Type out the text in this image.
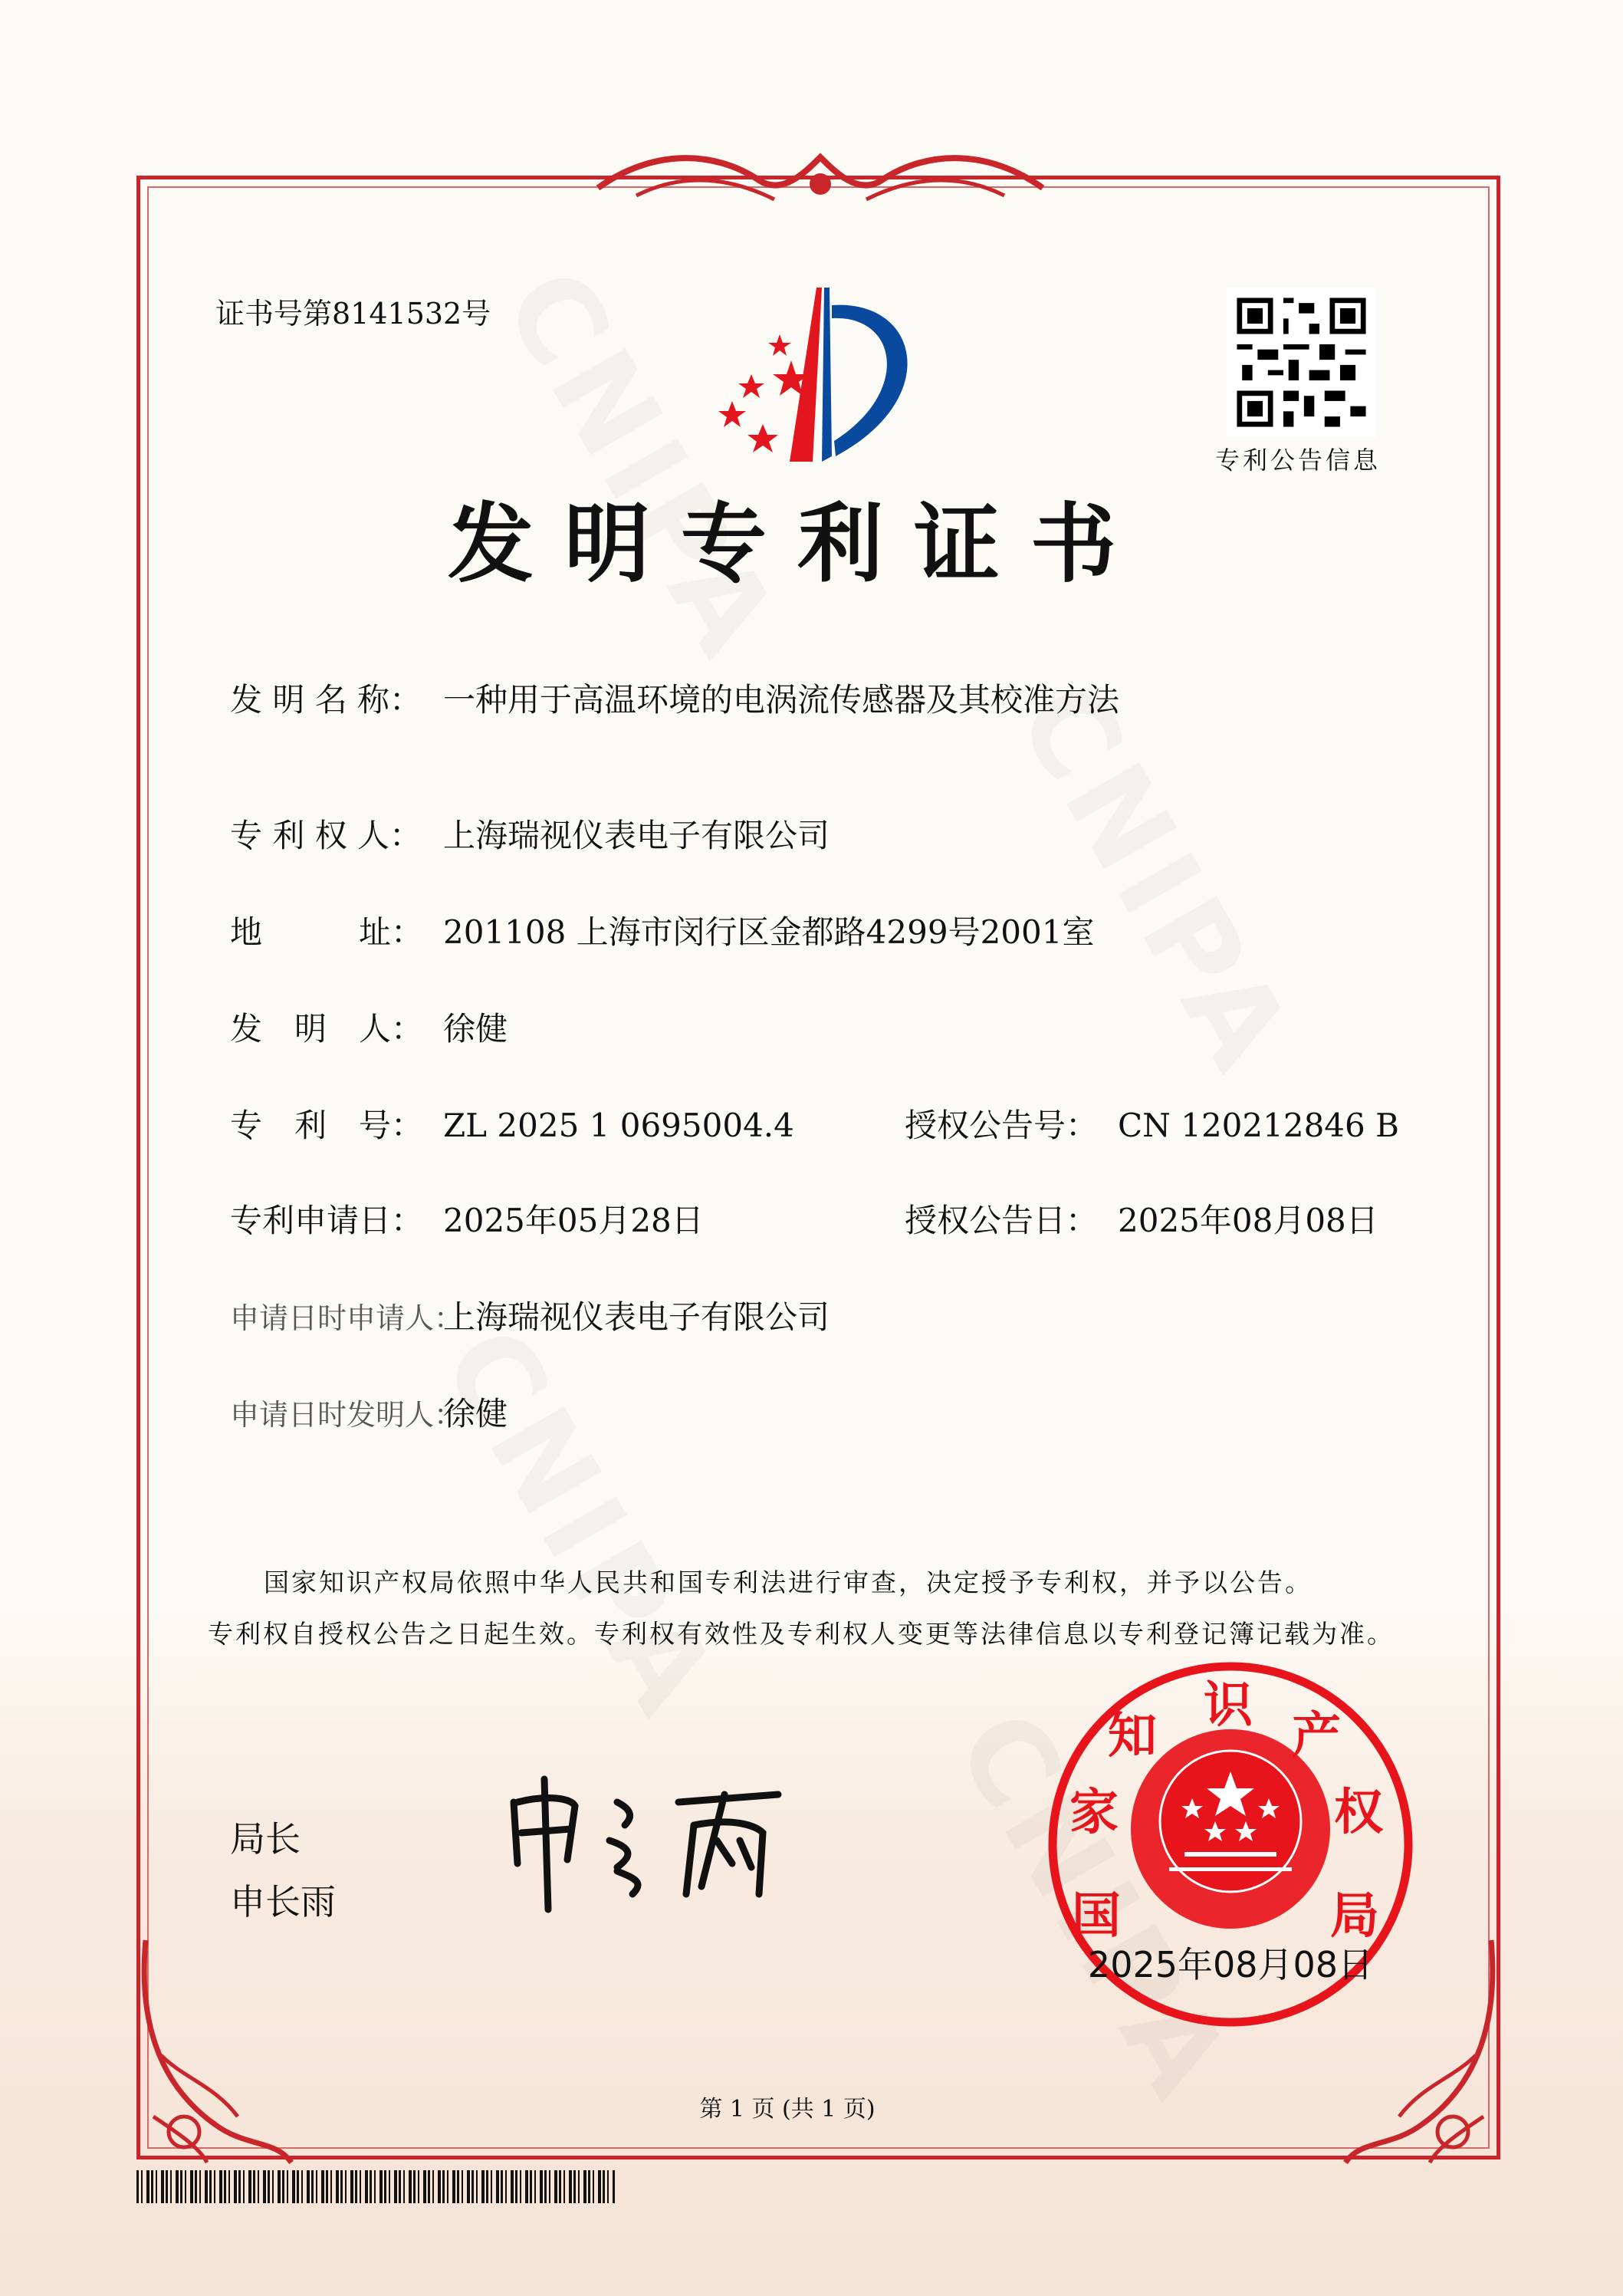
证书号第8141532号
专利公告信息
发明专利证书
发 明 名 称： 一种用于高温环境的电涡流传感器及其校准方法
专 利 权 人： 上海瑞视仪表电子有限公司
地　　　址： 201108 上海市闵行区金都路4299号2001室
发　明　人： 徐健
专　利　号： ZL 2025 1 0695004.4
专利申请日： 2025年05月28日
申请日时申请人：上海瑞视仪表电子有限公司
申请日时发明人：徐健
授权公告号： CN 120212846 B
授权公告日： 2025年08月08日
国家知识产权局依照中华人民共和国专利法进行审查，决定授予专利权，并予以公告。
专利权自授权公告之日起生效。专利权有效性及专利权人变更等法律信息以专利登记簿记载为准。
局长
申长雨	国家知识产权局
2025年08月08日
第 1 页 (共 1 页)
